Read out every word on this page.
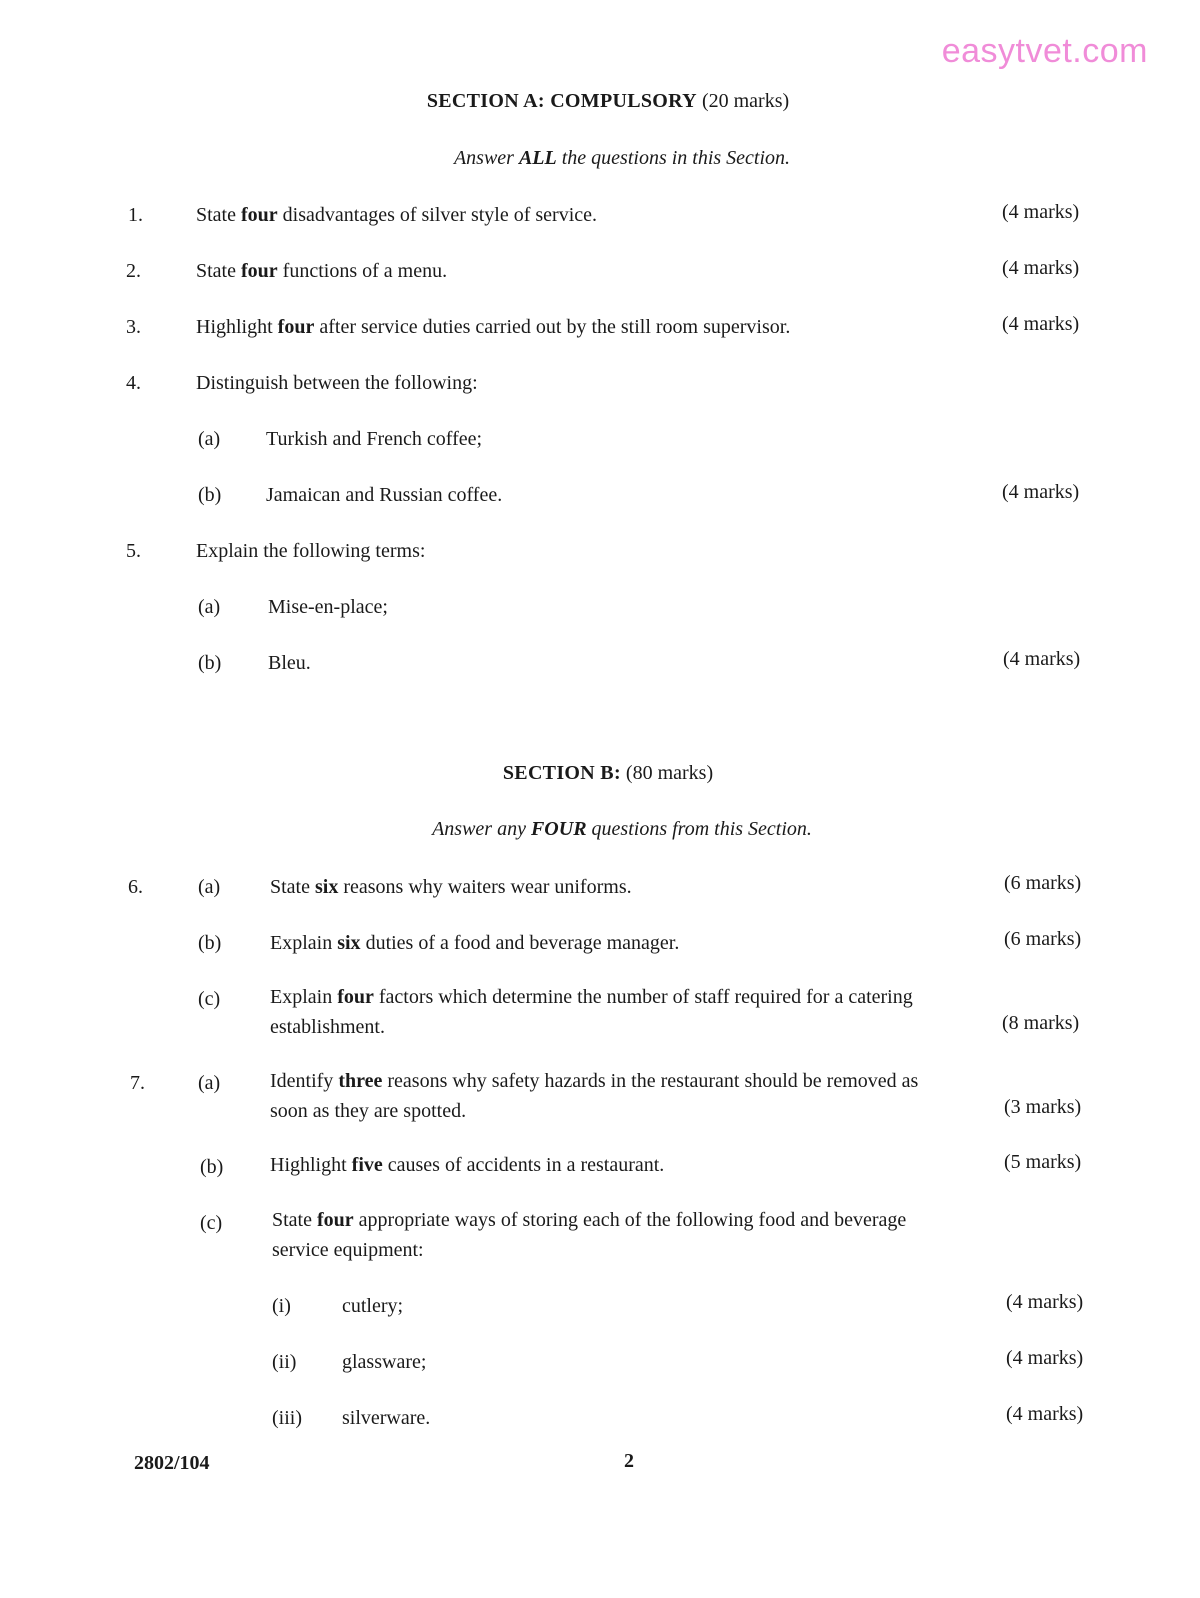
easytvet.com
SECTION A: COMPULSORY (20 marks)
Answer ALL the questions in this Section.
1.	State four disadvantages of silver style of service.	(4 marks)
2.	State four functions of a menu.	(4 marks)
3.	Highlight four after service duties carried out by the still room supervisor.	(4 marks)
4.	Distinguish between the following:
(a) Turkish and French coffee;
(b) Jamaican and Russian coffee.	(4 marks)
5.	Explain the following terms:
(a) Mise-en-place;
(b) Bleu.	(4 marks)
SECTION B: (80 marks)
Answer any FOUR questions from this Section.
6.	(a) State six reasons why waiters wear uniforms.	(6 marks)
(b) Explain six duties of a food and beverage manager.	(6 marks)
(c) Explain four factors which determine the number of staff required for a catering
establishment.	(8 marks)
7.	(a) Identify three reasons why safety hazards in the restaurant should be removed as
soon as they are spotted.	(3 marks)
(b) Highlight five causes of accidents in a restaurant.	(5 marks)
(c) State four appropriate ways of storing each of the following food and beverage
service equipment:
(i)	cutlery;	(4 marks)
(ii) glassware;	(4 marks)
(iii) silverware.	(4 marks)
2802/104	2
